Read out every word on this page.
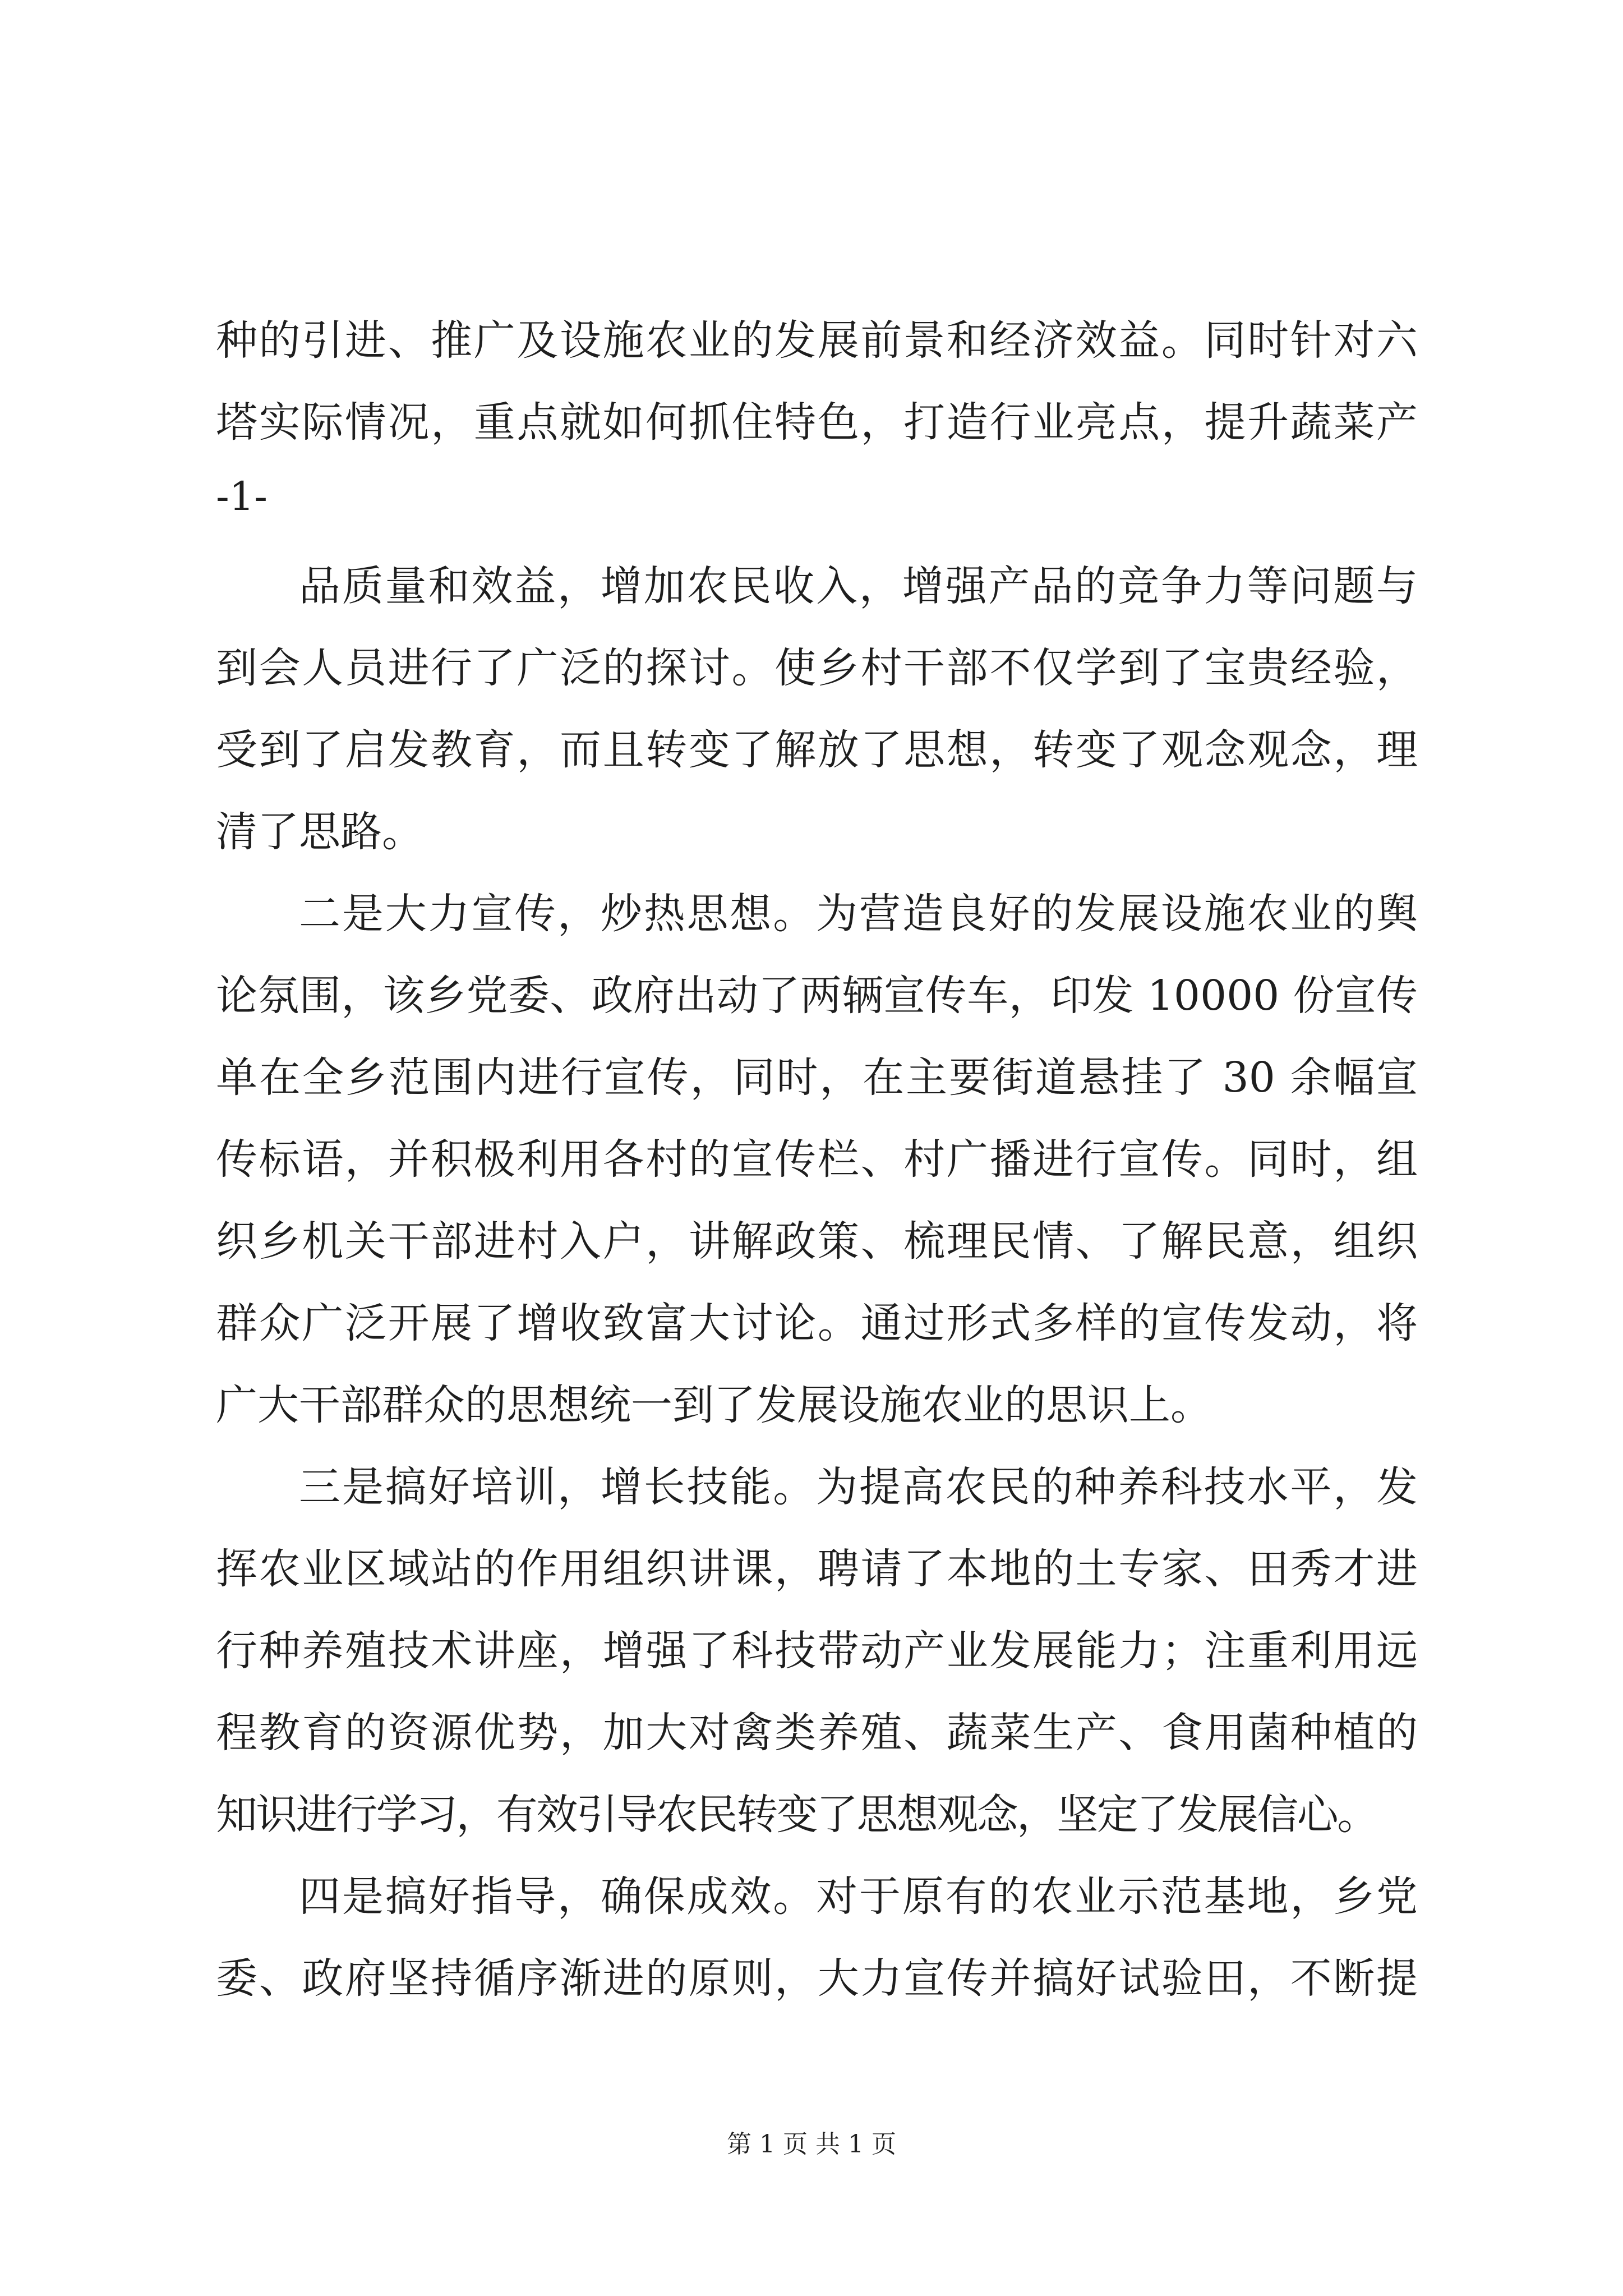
种的引进、推广及设施农业的发展前景和经济效益。同时针对六
塔实际情况，重点就如何抓住特色，打造行业亮点，提升蔬菜产
-1-
品质量和效益，增加农民收入，增强产品的竞争力等问题与
到会人员进行了广泛的探讨。使乡村干部不仅学到了宝贵经验，
受到了启发教育，而且转变了解放了思想，转变了观念观念，理
清了思路。
二是大力宣传，炒热思想。为营造良好的发展设施农业的舆
论氛围，该乡党委、政府出动了两辆宣传车，印发 10000 份宣传
单在全乡范围内进行宣传，同时，在主要街道悬挂了 30 余幅宣
传标语，并积极利用各村的宣传栏、村广播进行宣传。同时，组
织乡机关干部进村入户，讲解政策、梳理民情、了解民意，组织
群众广泛开展了增收致富大讨论。通过形式多样的宣传发动，将
广大干部群众的思想统一到了发展设施农业的思识上。
三是搞好培训，增长技能。为提高农民的种养科技水平，发
挥农业区域站的作用组织讲课，聘请了本地的土专家、田秀才进
行种养殖技术讲座，增强了科技带动产业发展能力；注重利用远
程教育的资源优势，加大对禽类养殖、蔬菜生产、食用菌种植的
知识进行学习，有效引导农民转变了思想观念，坚定了发展信心。
四是搞好指导，确保成效。对于原有的农业示范基地，乡党
委、政府坚持循序渐进的原则，大力宣传并搞好试验田，不断提
第 1 页 共 1 页
